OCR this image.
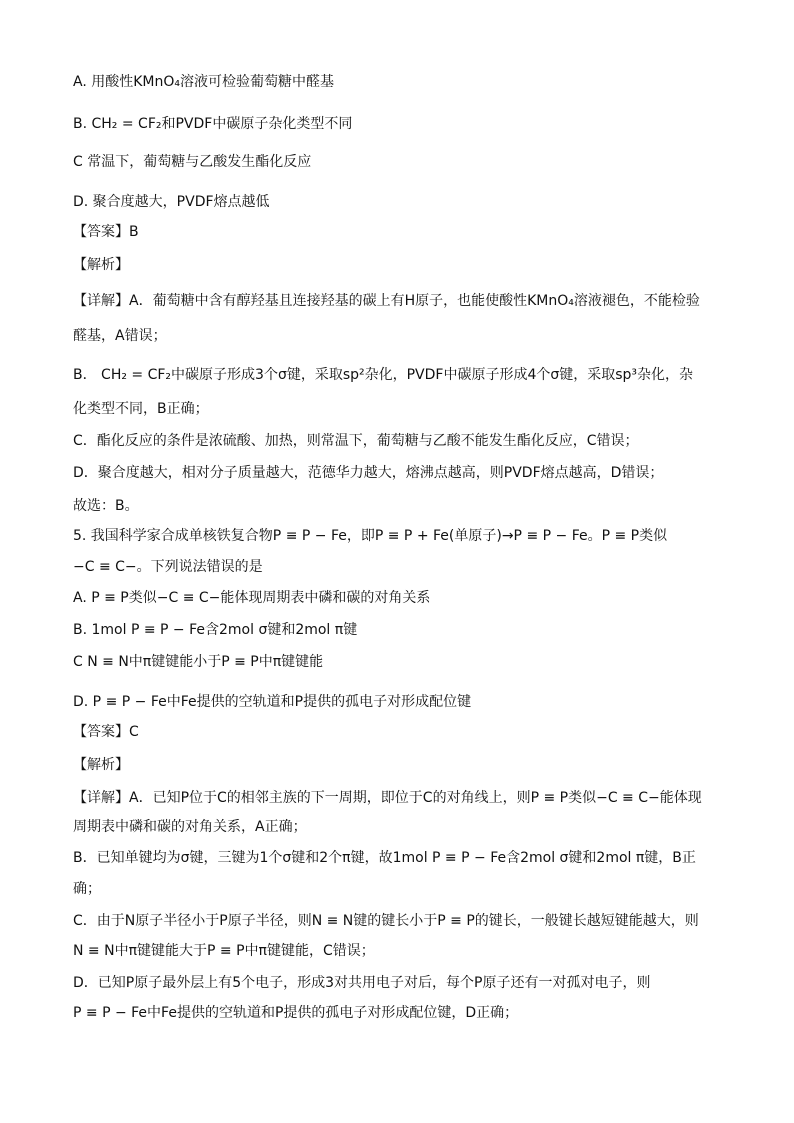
A. 用酸性KMnO₄溶液可检验葡萄糖中醛基
B. CH₂ = CF₂和PVDF中碳原子杂化类型不同
C 常温下，葡萄糖与乙酸发生酯化反应
D. 聚合度越大，PVDF熔点越低
【答案】B
【解析】
【详解】A．葡萄糖中含有醇羟基且连接羟基的碳上有H原子，也能使酸性KMnO₄溶液褪色，不能检验
醛基，A错误；
B． CH₂ = CF₂中碳原子形成3个σ键，采取sp²杂化，PVDF中碳原子形成4个σ键，采取sp³杂化，杂
化类型不同，B正确；
C．酯化反应的条件是浓硫酸、加热，则常温下，葡萄糖与乙酸不能发生酯化反应，C错误；
D．聚合度越大，相对分子质量越大，范德华力越大，熔沸点越高，则PVDF熔点越高，D错误；
故选：B。
5. 我国科学家合成单核铁复合物P ≡ P − Fe，即P ≡ P + Fe(单原子)→P ≡ P − Fe。P ≡ P类似
−C ≡ C−。下列说法错误的是
A. P ≡ P类似−C ≡ C−能体现周期表中磷和碳的对角关系
B. 1mol P ≡ P − Fe含2mol σ键和2mol π键
C N ≡ N中π键键能小于P ≡ P中π键键能
D. P ≡ P − Fe中Fe提供的空轨道和P提供的孤电子对形成配位键
【答案】C
【解析】
【详解】A．已知P位于C的相邻主族的下一周期，即位于C的对角线上，则P ≡ P类似−C ≡ C−能体现
周期表中磷和碳的对角关系，A正确；
B．已知单键均为σ键，三键为1个σ键和2个π键，故1mol P ≡ P − Fe含2mol σ键和2mol π键，B正
确；
C．由于N原子半径小于P原子半径，则N ≡ N键的键长小于P ≡ P的键长，一般键长越短键能越大，则
N ≡ N中π键键能大于P ≡ P中π键键能，C错误；
D．已知P原子最外层上有5个电子，形成3对共用电子对后，每个P原子还有一对孤对电子，则
P ≡ P − Fe中Fe提供的空轨道和P提供的孤电子对形成配位键，D正确；
